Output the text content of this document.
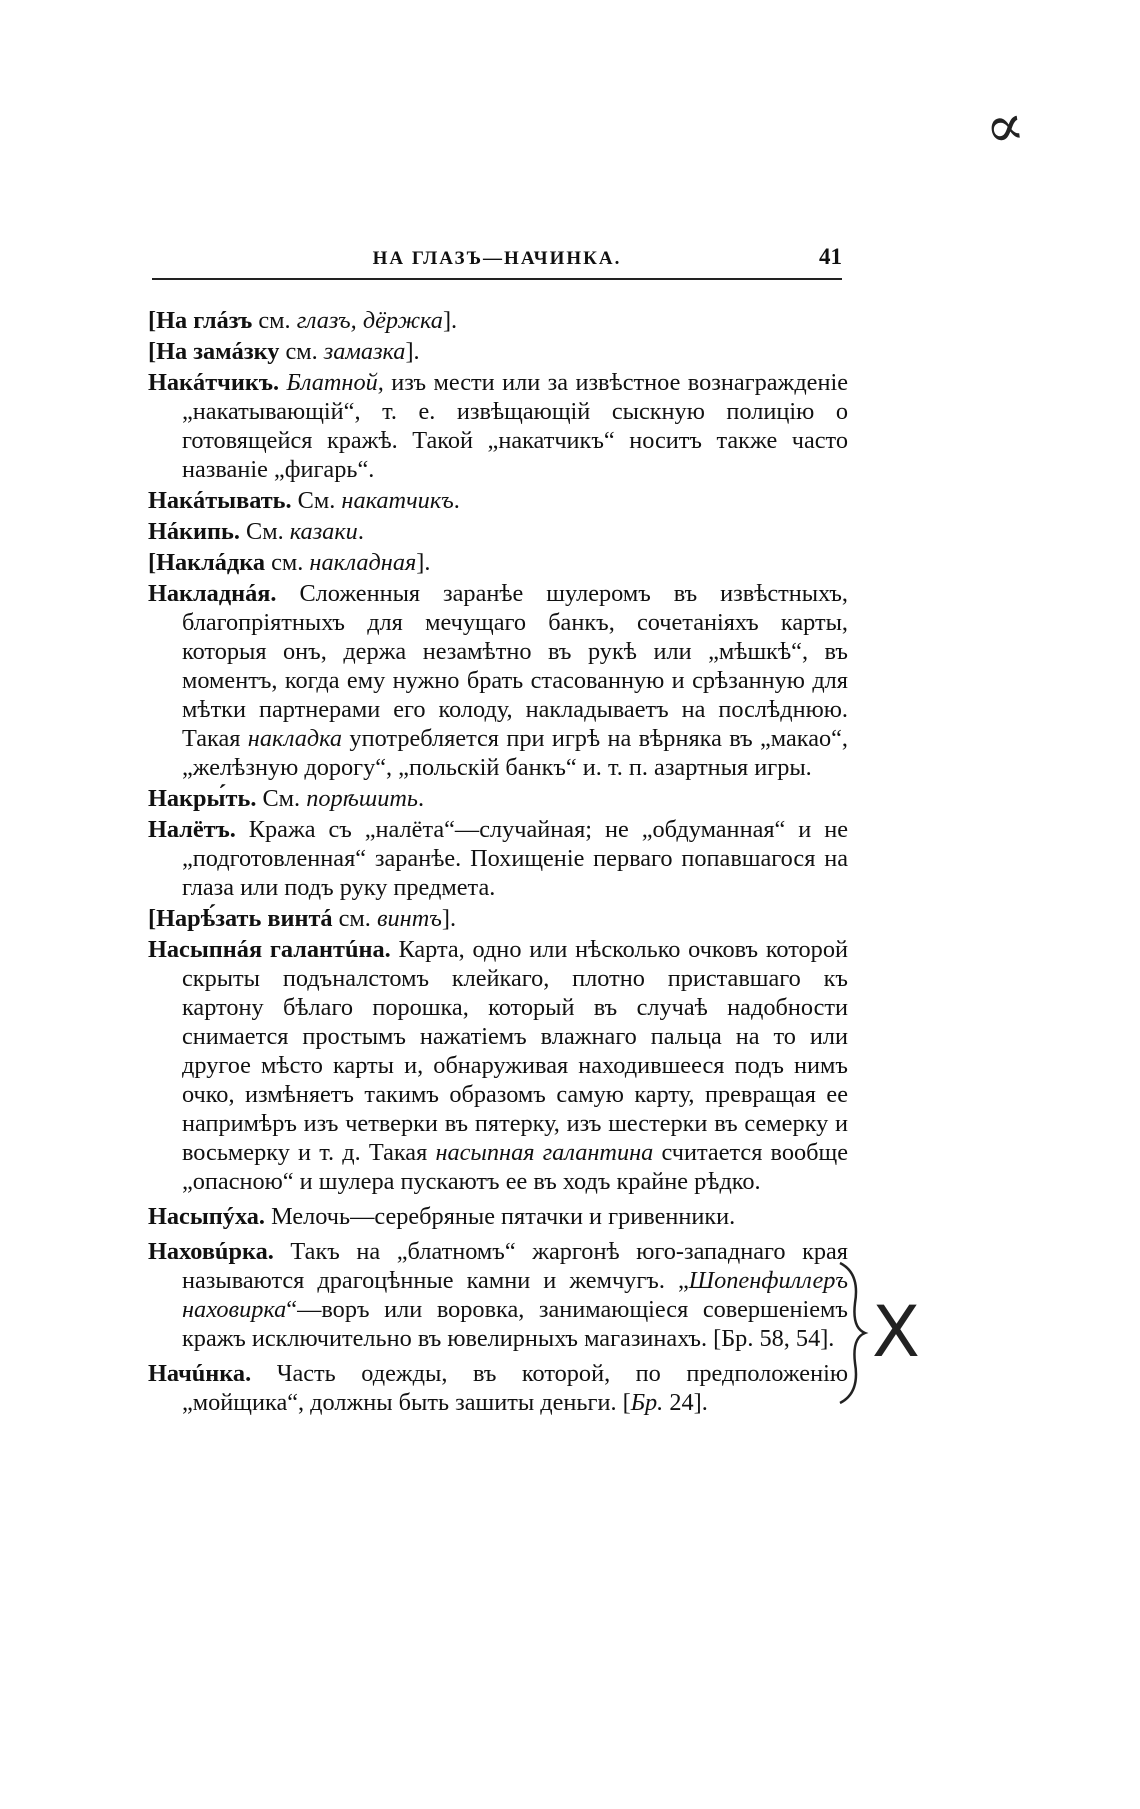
∝
НА ГЛАЗЪ—НАЧИНКА.	41

[На глáзъ см. глазъ, дёржка].

[На замáзку см. замазка].

Накáтчикъ. Блатной, изъ мести или за извѣстное вознагражденіе „накатывающій“, т. е. извѣщающій сыскную полицію о готовящейся кражѣ. Такой „накатчикъ“ носитъ также часто названіе „фигарь“.

Накáтывать. См. накатчикъ.

Нáкипь. См. казаки.

[Наклáдка см. накладная].

Накладнáя. Сложенныя заранѣе шулеромъ въ извѣстныхъ, благопріятныхъ для мечущаго банкъ, сочетаніяхъ карты, которыя онъ, держа незамѣтно въ рукѣ или „мѣшкѣ“, въ моментъ, когда ему нужно брать стасованную и срѣзанную для мѣтки партнерами его колоду, накладываетъ на послѣднюю. Такая накладка употребляется при игрѣ на вѣрняка въ „макао“, „желѣзную дорогу“, „польскій банкъ“ и. т. п. азартныя игры.

Накры́ть. См. порѣшить.

Налётъ. Кража съ „налёта“—случайная; не „обдуманная“ и не „подготовленная“ заранѣе. Похищеніе перваго попавшагося на глаза или подъ руку предмета.

[Нарѣ́зать винтá см. винтъ].

Насыпнáя галантúна. Карта, одно или нѣсколько очковъ которой скрыты подъналстомъ клейкаго, плотно приставшаго къ картону бѣлаго порошка, который въ случаѣ надобности снимается простымъ нажатіемъ влажнаго пальца на то или другое мѣсто карты и, обнаруживая находившееся подъ нимъ очко, измѣняетъ такимъ образомъ самую карту, превращая ее напримѣръ изъ четверки въ пятерку, изъ шестерки въ семерку и восьмерку и т. д. Такая насыпная галантина считается вообще „опасною“ и шулера пускаютъ ее въ ходъ крайне рѣдко.

Насыпýха. Мелочь—серебряные пятачки и гривенники.

Наховúрка. Такъ на „блатномъ“ жаргонѣ юго-западнаго края называются драгоцѣнные камни и жемчугъ. „Шопенфиллеръ наховирка“—воръ или воровка, занимающіеся совершеніемъ кражъ исключительно въ ювелирныхъ магазинахъ. [Бр. 58, 54].

Начúнка. Часть одежды, въ которой, по предположенію „мойщика“, должны быть зашиты деньги. [Бр. 24].

X
